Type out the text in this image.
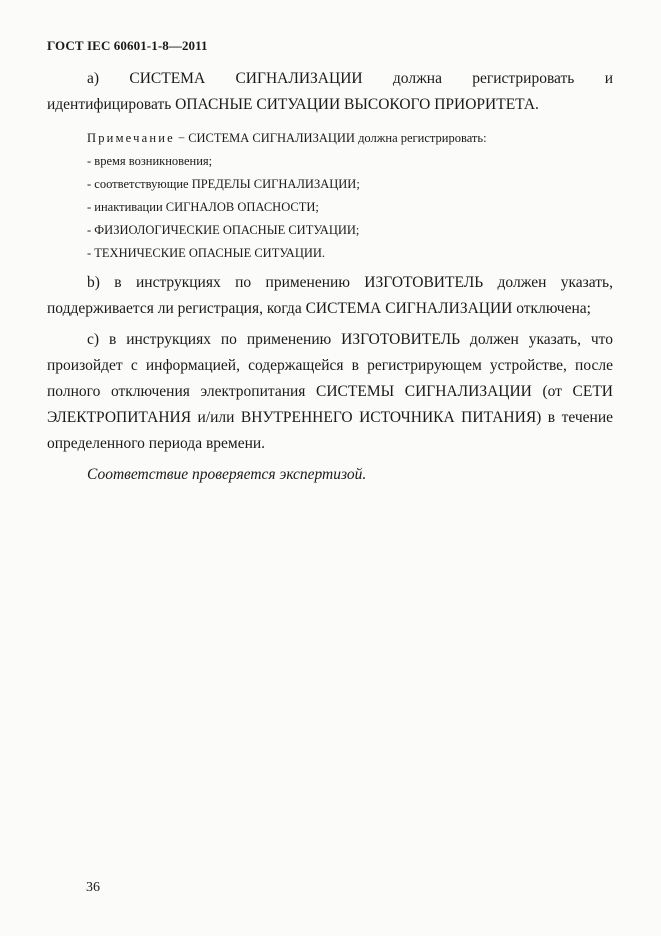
ГОСТ IEC 60601-1-8—2011

а) СИСТЕМА СИГНАЛИЗАЦИИ должна регистрировать и

идентифицировать ОПАСНЫЕ СИТУАЦИИ ВЫСОКОГО ПРИОРИТЕТА.

Примечание − СИСТЕМА СИГНАЛИЗАЦИИ должна регистрировать:

- время возникновения;

- соответствующие ПРЕДЕЛЫ СИГНАЛИЗАЦИИ;

- инактивации СИГНАЛОВ ОПАСНОСТИ;

- ФИЗИОЛОГИЧЕСКИЕ ОПАСНЫЕ СИТУАЦИИ;

- ТЕХНИЧЕСКИЕ ОПАСНЫЕ СИТУАЦИИ.

b) в инструкциях по применению ИЗГОТОВИТЕЛЬ должен указать, поддерживается ли регистрация, когда СИСТЕМА СИГНАЛИЗАЦИИ отключена;

с) в инструкциях по применению ИЗГОТОВИТЕЛЬ должен указать, что произойдет с информацией, содержащейся в регистрирующем устройстве, после полного отключения электропитания СИСТЕМЫ СИГНАЛИЗАЦИИ (от СЕТИ ЭЛЕКТРОПИТАНИЯ и/или ВНУТРЕННЕГО ИСТОЧНИКА ПИТАНИЯ) в течение определенного периода времени.

Соответствие проверяется экспертизой.

36
